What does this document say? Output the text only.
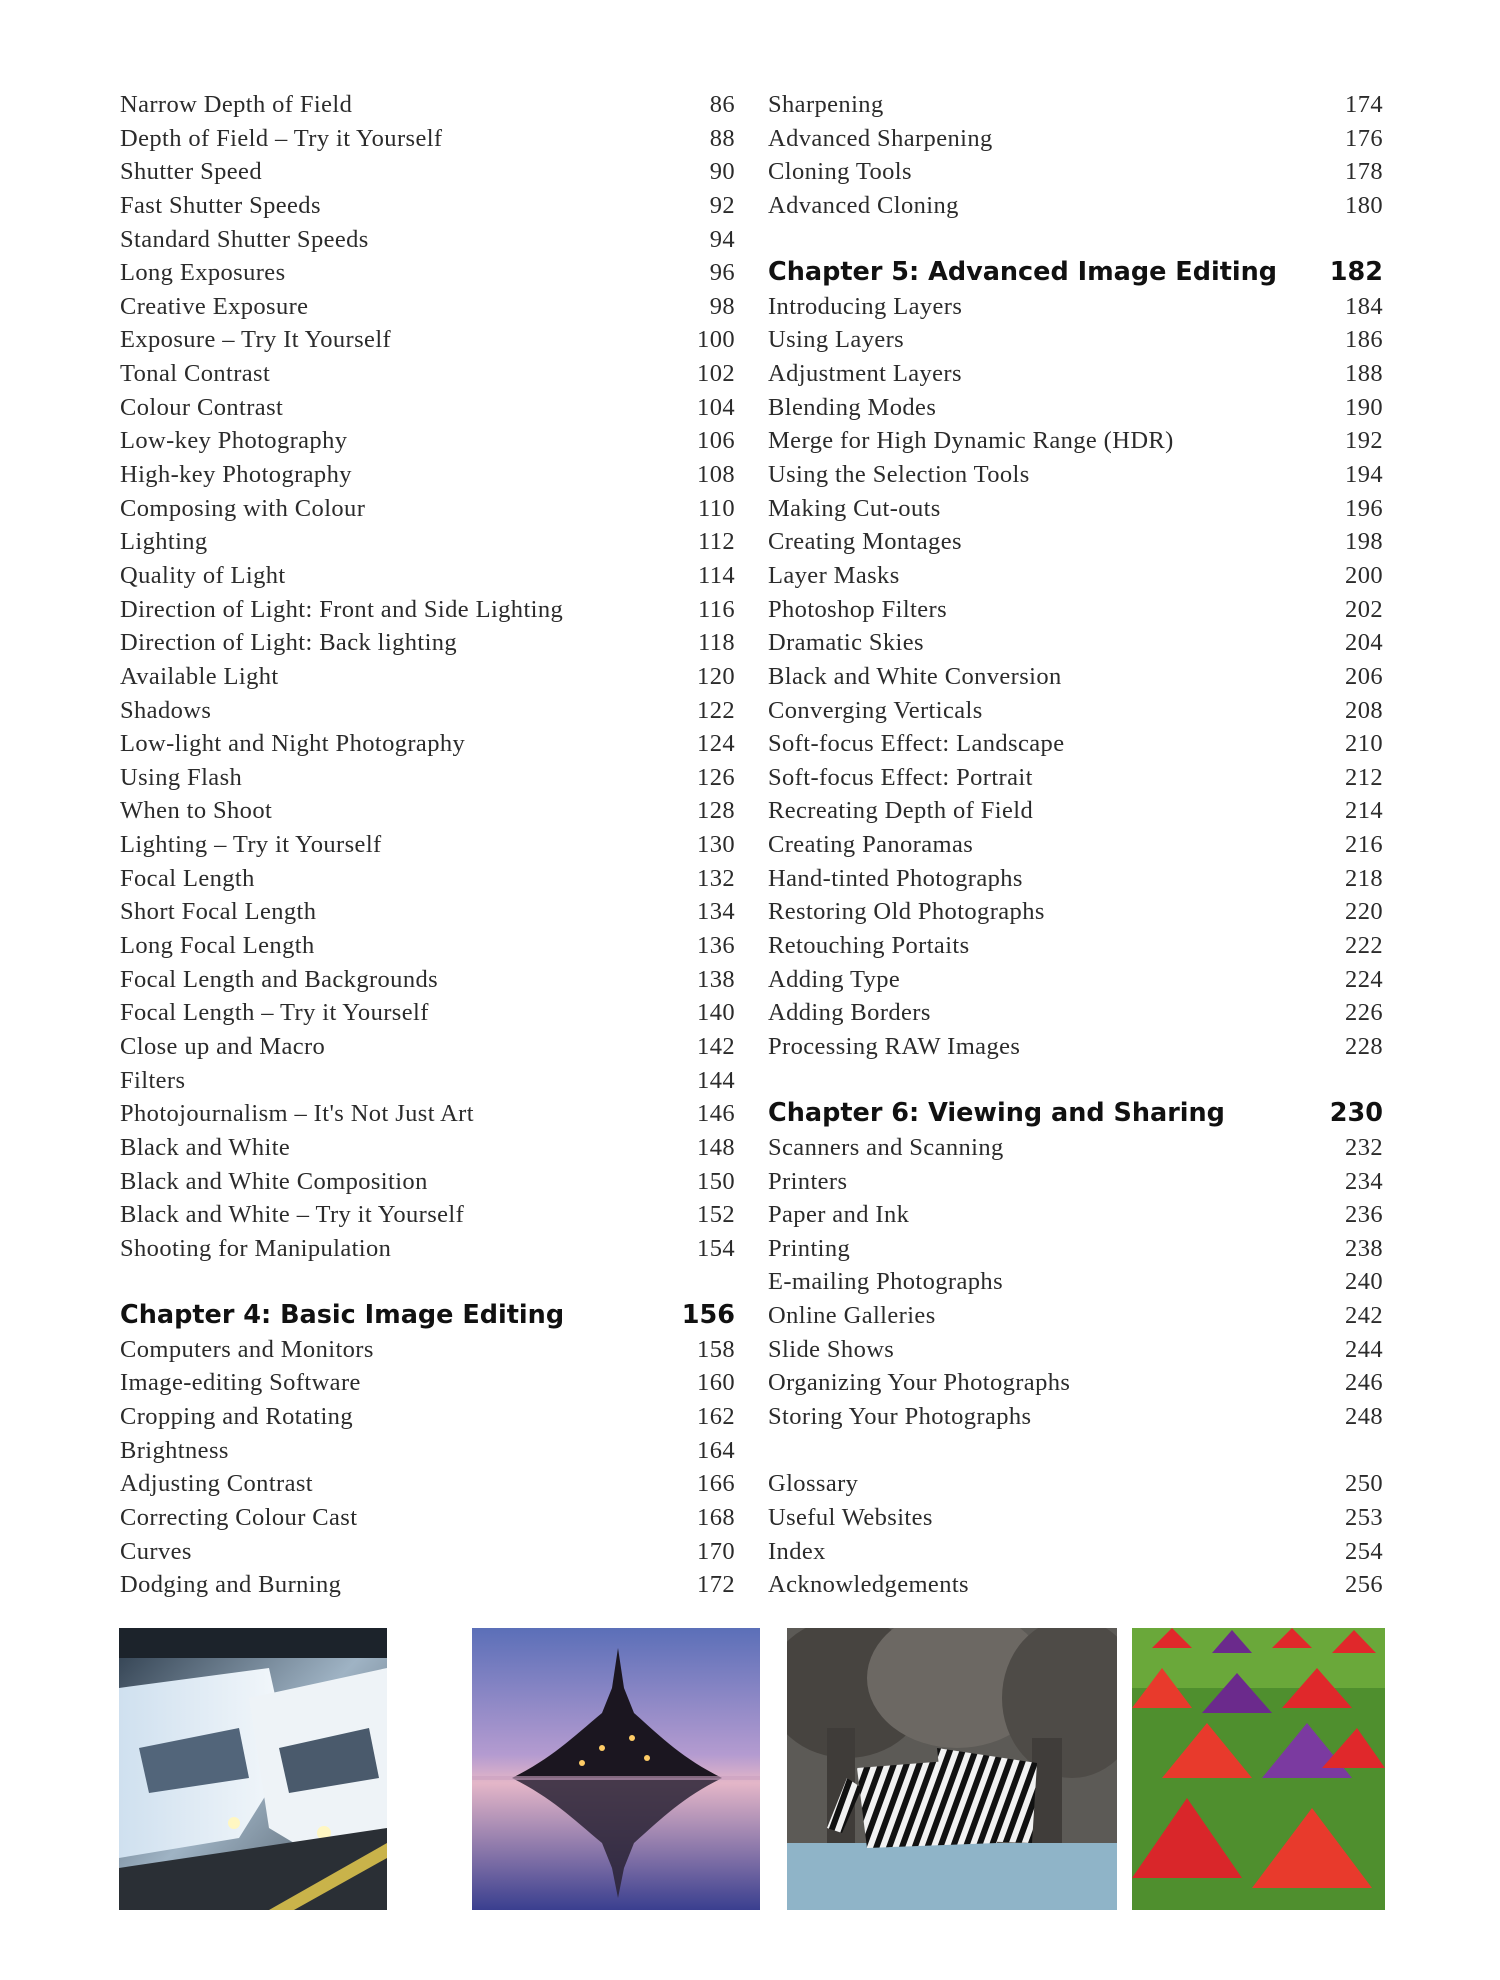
Narrow Depth of Field	86
Depth of Field – Try it Yourself	88
Shutter Speed	90
Fast Shutter Speeds	92
Standard Shutter Speeds	94
Long Exposures	96
Creative Exposure	98
Exposure – Try It Yourself	100
Tonal Contrast	102
Colour Contrast	104
Low-key Photography	106
High-key Photography	108
Composing with Colour	110
Lighting	112
Quality of Light	114
Direction of Light: Front and Side Lighting	116
Direction of Light: Back lighting	118
Available Light	120
Shadows	122
Low-light and Night Photography	124
Using Flash	126
When to Shoot	128
Lighting – Try it Yourself	130
Focal Length	132
Short Focal Length	134
Long Focal Length	136
Focal Length and Backgrounds	138
Focal Length – Try it Yourself	140
Close up and Macro	142
Filters	144
Photojournalism – It's Not Just Art	146
Black and White	148
Black and White Composition	150
Black and White – Try it Yourself	152
Shooting for Manipulation	154
Chapter 4: Basic Image Editing	156
Computers and Monitors	158
Image-editing Software	160
Cropping and Rotating	162
Brightness	164
Adjusting Contrast	166
Correcting Colour Cast	168
Curves	170
Dodging and Burning	172
Sharpening	174
Advanced Sharpening	176
Cloning Tools	178
Advanced Cloning	180
Chapter 5: Advanced Image Editing 182
Introducing Layers	184
Using Layers	186
Adjustment Layers	188
Blending Modes	190
Merge for High Dynamic Range (HDR)	192
Using the Selection Tools	194
Making Cut-outs	196
Creating Montages	198
Layer Masks	200
Photoshop Filters	202
Dramatic Skies	204
Black and White Conversion	206
Converging Verticals	208
Soft-focus Effect: Landscape	210
Soft-focus Effect: Portrait	212
Recreating Depth of Field	214
Creating Panoramas	216
Hand-tinted Photographs	218
Restoring Old Photographs	220
Retouching Portaits	222
Adding Type	224
Adding Borders	226
Processing RAW Images	228
Chapter 6: Viewing and Sharing	230
Scanners and Scanning	232
Printers	234
Paper and Ink	236
Printing	238
E-mailing Photographs	240
Online Galleries	242
Slide Shows	244
Organizing Your Photographs	246
Storing Your Photographs	248
Glossary	250
Useful Websites	253
Index	254
Acknowledgements	256
